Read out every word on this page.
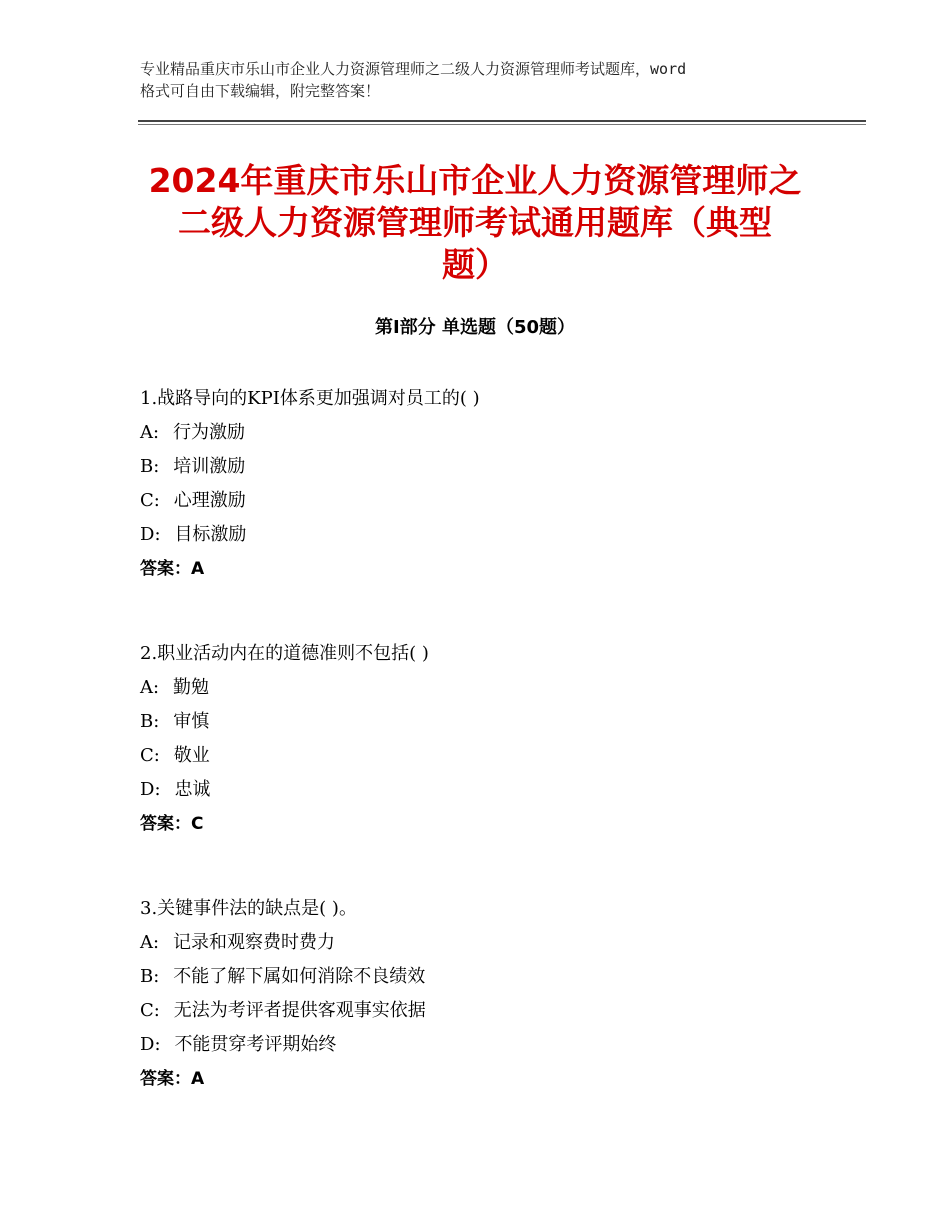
专业精品重庆市乐山市企业人力资源管理师之二级人力资源管理师考试题库，word
格式可自由下载编辑，附完整答案！
2024年重庆市乐山市企业人力资源管理师之
二级人力资源管理师考试通用题库（典型
题）
第Ⅰ部分 单选题（50题）
1.战路导向的KPI体系更加强调对员工的( )
A: 行为激励
B: 培训激励
C: 心理激励
D: 目标激励
答案：A
2.职业活动内在的道德准则不包括( )
A: 勤勉
B: 审慎
C: 敬业
D: 忠诚
答案：C
3.关键事件法的缺点是( )。
A: 记录和观察费时费力
B: 不能了解下属如何消除不良绩效
C: 无法为考评者提供客观事实依据
D: 不能贯穿考评期始终
答案：A
